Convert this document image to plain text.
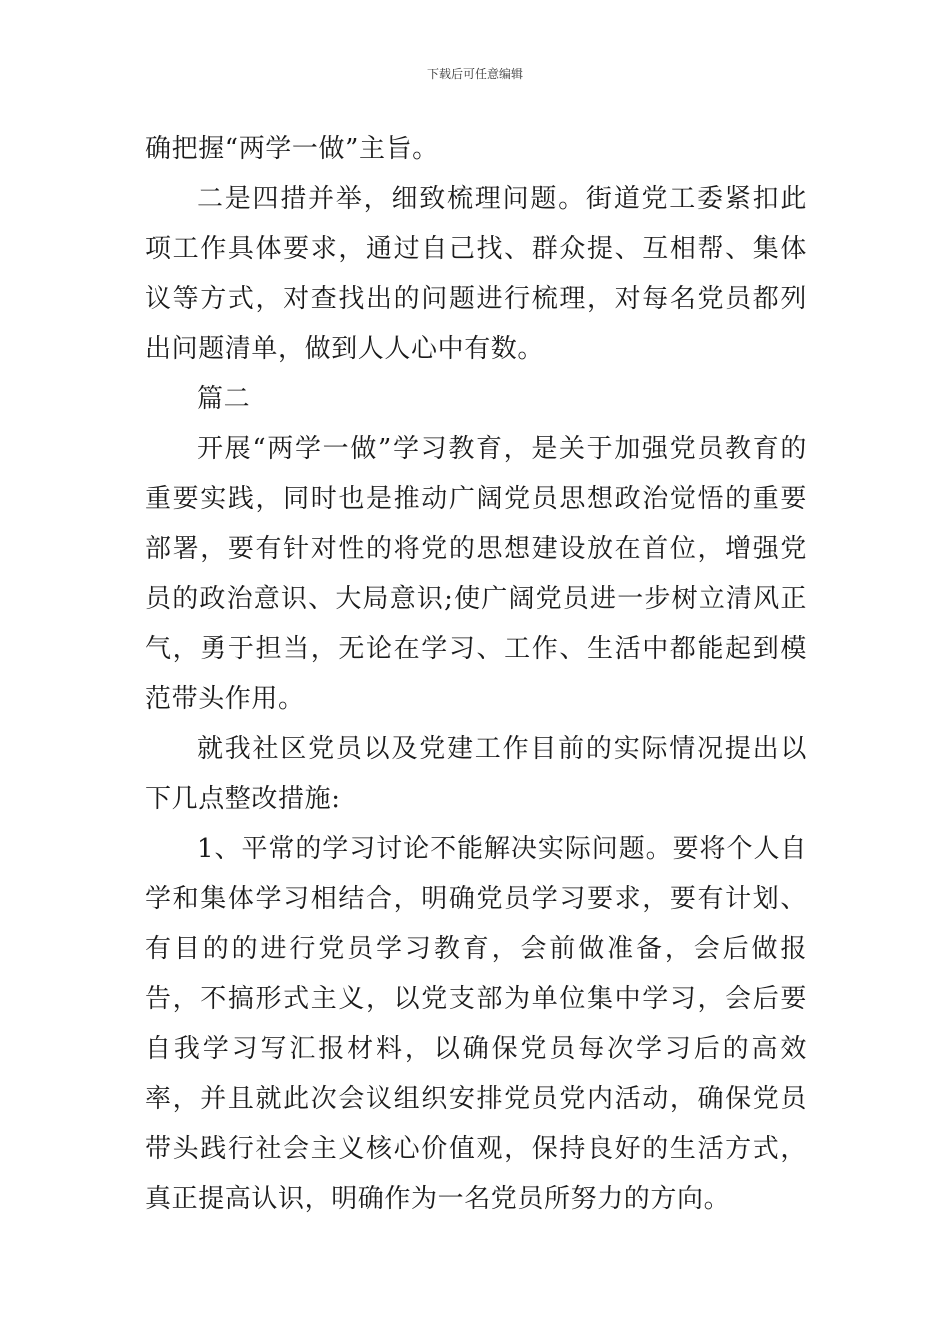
下载后可任意编辑

确把握“两学一做”主旨。

二是四措并举，细致梳理问题。街道党工委紧扣此项工作具体要求，通过自己找、群众提、互相帮、集体议等方式，对查找出的问题进行梳理，对每名党员都列出问题清单，做到人人心中有数。

篇二

开展“两学一做”学习教育，是关于加强党员教育的重要实践，同时也是推动广阔党员思想政治觉悟的重要部署，要有针对性的将党的思想建设放在首位，增强党员的政治意识、大局意识;使广阔党员进一步树立清风正气，勇于担当，无论在学习、工作、生活中都能起到模范带头作用。

就我社区党员以及党建工作目前的实际情况提出以下几点整改措施:

1、平常的学习讨论不能解决实际问题。要将个人自学和集体学习相结合，明确党员学习要求，要有计划、有目的的进行党员学习教育，会前做准备，会后做报告，不搞形式主义，以党支部为单位集中学习，会后要自我学习写汇报材料，以确保党员每次学习后的高效率，并且就此次会议组织安排党员党内活动，确保党员带头践行社会主义核心价值观，保持良好的生活方式，真正提高认识，明确作为一名党员所努力的方向。
